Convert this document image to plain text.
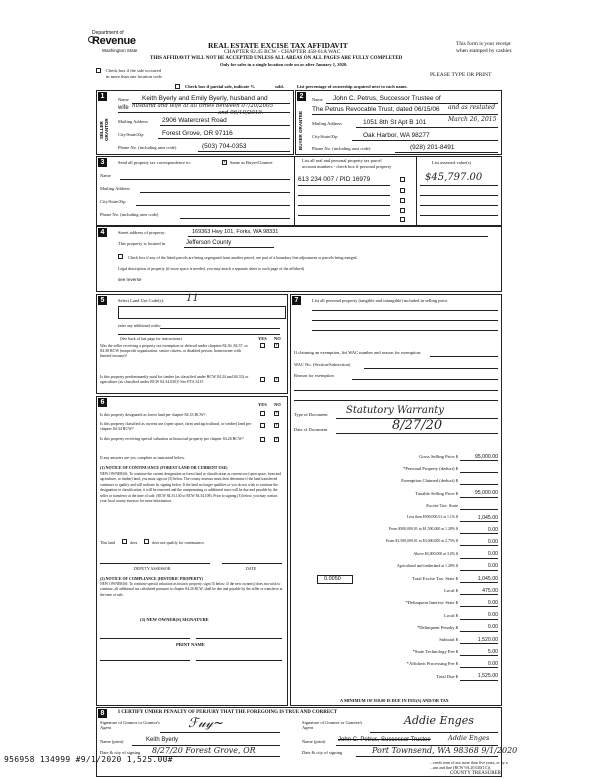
Department of
Revenue
Washington State
REAL ESTATE EXCISE TAX AFFIDAVIT
CHAPTER 82.45 RCW - CHAPTER 458-61A WAC
THIS AFFIDAVIT WILL NOT BE ACCEPTED UNLESS ALL AREAS ON ALL PAGES ARE FULLY COMPLETED
Only for sales in a single location code on or after January 1, 2020.
This form is your receipt
when stamped by cashier.
PLEASE TYPE OR PRINT
Check box if the sale occurred
in more than one location code.
Check box if partial sale, indicate %	sold.	List percentage of ownership acquired next to each name.
1	2
SELLER GRANTOR	BUYER GRANTEE
Name Keith Byerly and Emily Byerly, husband and
wife husband and wife at all times between 07/20/2005
and 06/10/2019.
Mailing Address 2906 Watercrest Road
City/State/Zip	Forest Grove, OR 97116
Phone No. (including area code)	(503) 704-0353
Name John C. Petrus, Successor Trustee of
The Petrus Revocable Trust, dated 06/15/06 and as restated
Mailing Address	1051 8th St Apt B 101	March 26, 2015
City/State/Zip	Oak Harbor, WA 98277
Phone No. (including area code)	(928) 201-8491
3	Send all property tax correspondence to:	✓ Same as Buyer/Grantee
Name
Mailing Address
City/State/Zip
Phone No. (including area code)
List all real and personal property tax parcel
account numbers - check box if personal property
List assessed value(s)
613 234 007 / PID 16979	$45,797.00
4	Street address of property:	169363 Hwy 101, Forks, WA 98331
This property is located in	Jefferson County
Check box if any of the listed parcels are being segregated from another parcel, are part of a boundary line adjustment or parcels being merged.
Legal description of property (if more space is needed, you may attach a separate sheet to each page of the affidavit)
see reverse
5	Select Land Use Code(s): 11
enter any additional codes:
(See back of last page for instructions)	YES NO
Was the seller receiving a property tax exemption or deferral under chapters 84.36, 84.37, or 84.38 RCW (nonprofit organization, senior citizen, or disabled person, homeowner with limited income)?
✓
Is this property predominantly used for timber (as classified under RCW 84.34 and 84.33) or agriculture (as classified under RCW 84.34.020)? See ETA 3215	✓
6	YES NO
Is this property designated as forest land per chapter 84.33 RCW?	✓
Is this property classified as current use (open space, farm and agricultural, or timber) land per chapter 84.34 RCW?
✓
Is this property receiving special valuation as historical property per chapter 84.26 RCW?	✓
If any answers are yes, complete as instructed below.
(1) NOTICE OF CONTINUANCE (FOREST LAND OR CURRENT USE)
NEW OWNER(S): To continue the current designation as forest land or classification as current use (open space, farm and agriculture, or timber) land, you must sign on (3) below. The county assessor must then determine if the land transferred continues to qualify and will indicate by signing below. If the land no longer qualifies or you do not wish to continue the designation or classification, it will be removed and the compensating or additional taxes will be due and payable by the seller or transferor at the time of sale. (RCW 84.33.140 or RCW 84.34.108). Prior to signing (3) below, you may contact your local county assessor for more information.
This land	does	does not qualify for continuance.
DEPUTY ASSESSOR	DATE
(2) NOTICE OF COMPLIANCE (HISTORIC PROPERTY)
NEW OWNER(S): To continue special valuation as historic property, sign (3) below. If the new owner(s) does not wish to continue, all additional tax calculated pursuant to chapter 84.26 RCW, shall be due and payable by the seller or transferor at the time of sale.
(3) NEW OWNER(S) SIGNATURE
PRINT NAME
7	List all personal property (tangible and intangible) included in selling price.
If claiming an exemption, list WAC number and reason for exemption:
WAC No. (Section/Subsection)
Reason for exemption
Type of Document Statutory Warranty
Date of Document	8/27/20
Gross Selling Price $	95,000.00
*Personal Property (deduct) $
Exemption Claimed (deduct) $
Taxable Selling Price $	95,000.00
Excise Tax: State
Less than $500,000.01 at 1.1% $	1,045.00
From $500,000.01 to $1,500,000 at 1.28% $	0.00
From $1,500,000.01 to $3,000,000 at 2.75% $	0.00
Above $3,000,000 at 3.0% $	0.00
Agricultural and timberland at 1.28% $	0.00
Total Excise Tax: State $	1,045.00
Local $	475.00
*Delinquent Interest: State $	0.00
Local $	0.00
*Delinquent Penalty $	0.00
Subtotal $	1,520.00
*State Technology Fee $	5.00
*Affidavit Processing Fee $	0.00
Total Due $	1,525.00
0.0050
A MINIMUM OF $10.00 IS DUE IN FEE(S) AND/OR TAX
8	I CERTIFY UNDER PENALTY OF PERJURY THAT THE FOREGOING IS TRUE AND CORRECT
Signature of Grantor or Grantor's Agent	ℱ𝓊𝓎~	Signature of Grantee or Grantee's Agent
Addie Enges
Name (print)	Keith Byerly	Name (print) John C. Petrus, Successor Trustee	Addie Enges
Date & city of signing 8/27/20 Forest Grove, OR	Date & city of signing	Port Townsend, WA 98368 9/1/2020
...ceeds term of not more than five years, or by a
...unt and fine (RCW 9A.20.020(1C)).
COUNTY TREASURER
956958 134999 #9/1/2020 1,525.00#
